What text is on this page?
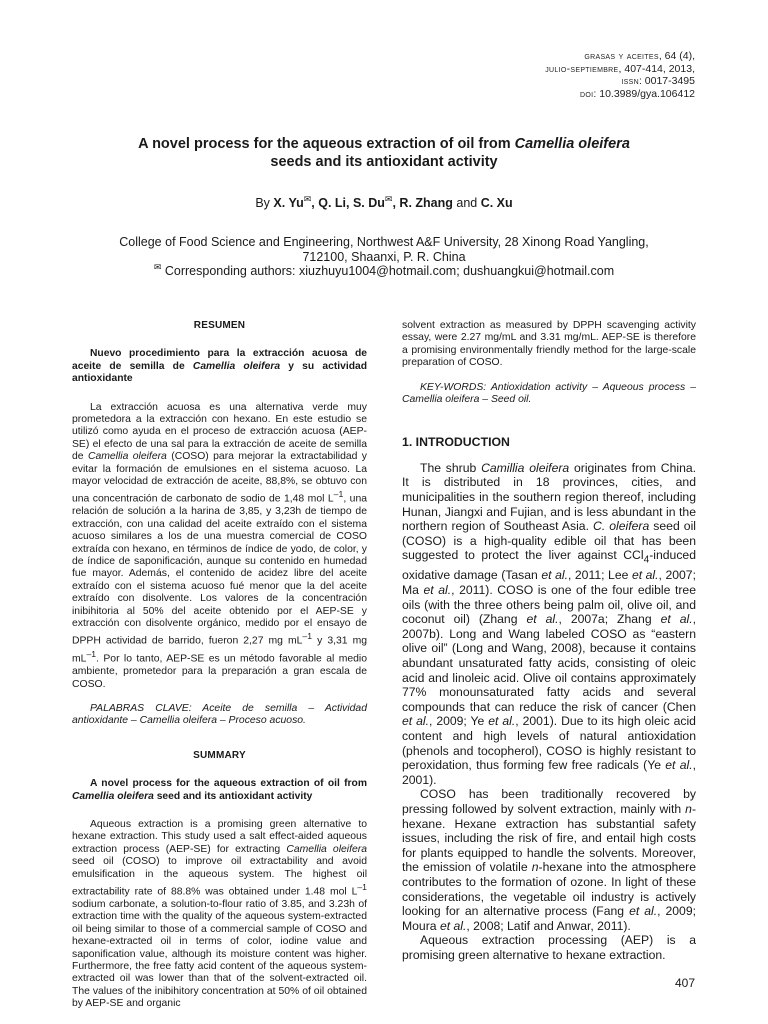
grasas y aceites, 64 (4),
julio-septiembre, 407-414, 2013,
issn: 0017-3495
doi: 10.3989/gya.106412
A novel process for the aqueous extraction of oil from Camellia oleifera
seeds and its antioxidant activity
By X. Yu✉, Q. Li, S. Du✉, R. Zhang and C. Xu
College of Food Science and Engineering, Northwest A&F University, 28 Xinong Road Yangling,
712100, Shaanxi, P. R. China
✉ Corresponding authors: xiuzhuyu1004@hotmail.com; dushuangkui@hotmail.com

RESUMEN

Nuevo procedimiento para la extracción acuosa de aceite de semilla de Camellia oleifera y su actividad antioxidante

La extracción acuosa es una alternativa verde muy prometedora a la extracción con hexano. En este estudio se utilizó como ayuda en el proceso de extracción acuosa (AEP-SE) el efecto de una sal para la extracción de aceite de semilla de Camellia oleifera (COSO) para mejorar la extractabilidad y evitar la formación de emulsiones en el sistema acuoso. La mayor velocidad de extracción de aceite, 88,8%, se obtuvo con una concentración de carbonato de sodio de 1,48 mol $L^{-1}$, una relación de solución a la harina de 3,85, y 3,23h de tiempo de extracción, con una calidad del aceite extraído con el sistema acuoso similares a los de una muestra comercial de COSO extraída con hexano, en términos de índice de yodo, de color, y de índice de saponificación, aunque su contenido en humedad fue mayor. Además, el contenido de acidez libre del aceite extraído con el sistema acuoso fué menor que la del aceite extraído con disolvente. Los valores de la concentración inibihitoria al 50% del aceite obtenido por el AEP-SE y extracción con disolvente orgánico, medido por el ensayo de DPPH actividad de barrido, fueron 2,27 mg $mL^{-1}$ y 3,31 mg $mL^{-1}$. Por lo tanto, AEP-SE es un método favorable al medio ambiente, prometedor para la preparación a gran escala de COSO.

PALABRAS CLAVE: Aceite de semilla – Actividad antioxidante – Camellia oleifera – Proceso acuoso.

SUMMARY

A novel process for the aqueous extraction of oil from Camellia oleifera seed and its antioxidant activity

Aqueous extraction is a promising green alternative to hexane extraction. This study used a salt effect-aided aqueous extraction process (AEP-SE) for extracting Camellia oleifera seed oil (COSO) to improve oil extractability and avoid emulsification in the aqueous system. The highest oil extractability rate of 88.8% was obtained under 1.48 mol $L^{-1}$ sodium carbonate, a solution-to-flour ratio of 3.85, and 3.23h of extraction time with the quality of the aqueous system-extracted oil being similar to those of a commercial sample of COSO and hexane-extracted oil in terms of color, iodine value and saponification value, although its moisture content was higher. Furthermore, the free fatty acid content of the aqueous system-extracted oil was lower than that of the solvent-extracted oil. The values of the inibihitory concentration at 50% of oil obtained by AEP-SE and organic

solvent extraction as measured by DPPH scavenging activity essay, were 2.27 mg/mL and 3.31 mg/mL. AEP-SE is therefore a promising environmentally friendly method for the large-scale preparation of COSO.

KEY-WORDS: Antioxidation activity – Aqueous process – Camellia oleifera – Seed oil.

1. INTRODUCTION

The shrub Camillia oleifera originates from China. It is distributed in 18 provinces, cities, and municipalities in the southern region thereof, including Hunan, Jiangxi and Fujian, and is less abundant in the northern region of Southeast Asia. C. oleifera seed oil (COSO) is a high-quality edible oil that has been suggested to protect the liver against CCl$_4$-induced oxidative damage (Tasan et al., 2011; Lee et al., 2007; Ma et al., 2011). COSO is one of the four edible tree oils (with the three others being palm oil, olive oil, and coconut oil) (Zhang et al., 2007a; Zhang et al., 2007b). Long and Wang labeled COSO as “eastern olive oil” (Long and Wang, 2008), because it contains abundant unsaturated fatty acids, consisting of oleic acid and linoleic acid. Olive oil contains approximately 77% monounsaturated fatty acids and several compounds that can reduce the risk of cancer (Chen et al., 2009; Ye et al., 2001). Due to its high oleic acid content and high levels of natural antioxidation (phenols and tocopherol), COSO is highly resistant to peroxidation, thus forming few free radicals (Ye et al., 2001).

COSO has been traditionally recovered by pressing followed by solvent extraction, mainly with n-hexane. Hexane extraction has substantial safety issues, including the risk of fire, and entail high costs for plants equipped to handle the solvents. Moreover, the emission of volatile n-hexane into the atmosphere contributes to the formation of ozone. In light of these considerations, the vegetable oil industry is actively looking for an alternative process (Fang et al., 2009; Moura et al., 2008; Latif and Anwar, 2011).

Aqueous extraction processing (AEP) is a promising green alternative to hexane extraction.

407
